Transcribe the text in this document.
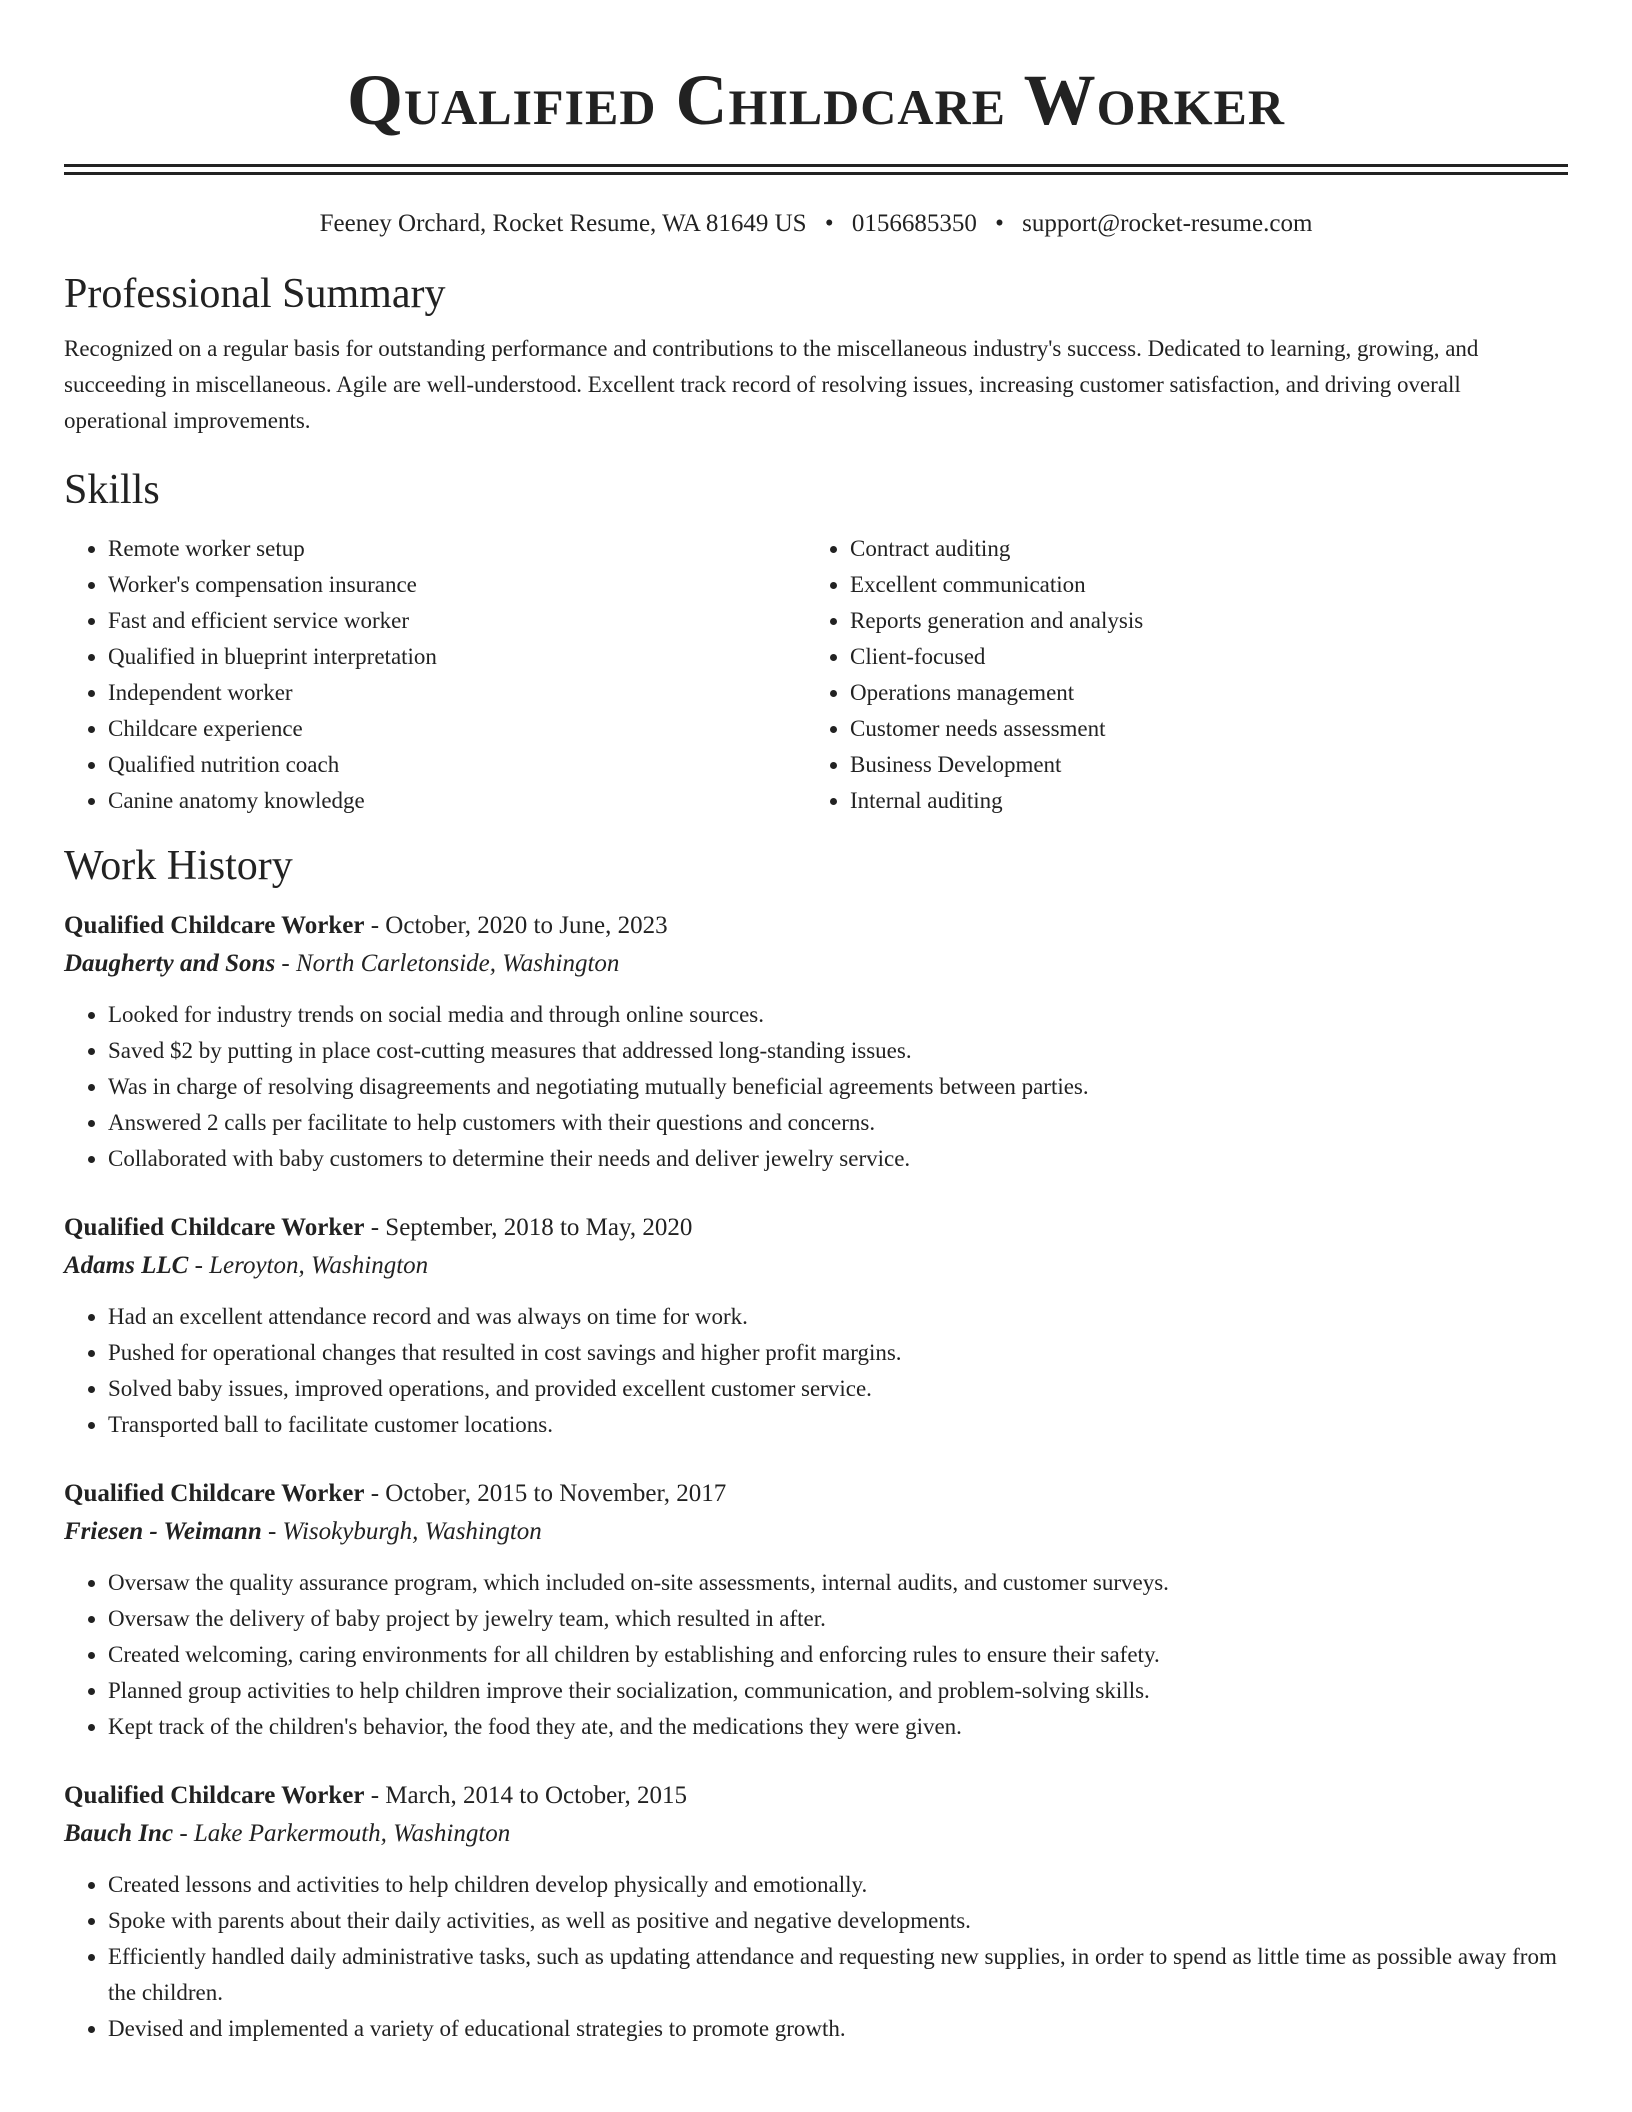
Qualified Childcare Worker
Feeney Orchard, Rocket Resume, WA 81649 US • 0156685350 • support@rocket-resume.com
Professional Summary
Recognized on a regular basis for outstanding performance and contributions to the miscellaneous industry's success. Dedicated to learning, growing, and succeeding in miscellaneous. Agile are well-understood. Excellent track record of resolving issues, increasing customer satisfaction, and driving overall operational improvements.
Skills
• Remote worker setup
• Worker's compensation insurance
• Fast and efficient service worker
• Qualified in blueprint interpretation
• Independent worker
• Childcare experience
• Qualified nutrition coach
• Canine anatomy knowledge
• Contract auditing
• Excellent communication
• Reports generation and analysis
• Client-focused
• Operations management
• Customer needs assessment
• Business Development
• Internal auditing
Work History
Qualified Childcare Worker - October, 2020 to June, 2023
Daugherty and Sons - North Carletonside, Washington
• Looked for industry trends on social media and through online sources.
• Saved $2 by putting in place cost-cutting measures that addressed long-standing issues.
• Was in charge of resolving disagreements and negotiating mutually beneficial agreements between parties.
• Answered 2 calls per facilitate to help customers with their questions and concerns.
• Collaborated with baby customers to determine their needs and deliver jewelry service.
Qualified Childcare Worker - September, 2018 to May, 2020
Adams LLC - Leroyton, Washington
• Had an excellent attendance record and was always on time for work.
• Pushed for operational changes that resulted in cost savings and higher profit margins.
• Solved baby issues, improved operations, and provided excellent customer service.
• Transported ball to facilitate customer locations.
Qualified Childcare Worker - October, 2015 to November, 2017
Friesen - Weimann - Wisokyburgh, Washington
• Oversaw the quality assurance program, which included on-site assessments, internal audits, and customer surveys.
• Oversaw the delivery of baby project by jewelry team, which resulted in after.
• Created welcoming, caring environments for all children by establishing and enforcing rules to ensure their safety.
• Planned group activities to help children improve their socialization, communication, and problem-solving skills.
• Kept track of the children's behavior, the food they ate, and the medications they were given.
Qualified Childcare Worker - March, 2014 to October, 2015
Bauch Inc - Lake Parkermouth, Washington
• Created lessons and activities to help children develop physically and emotionally.
• Spoke with parents about their daily activities, as well as positive and negative developments.
• Efficiently handled daily administrative tasks, such as updating attendance and requesting new supplies, in order to spend as little time as possible away from the children.
• Devised and implemented a variety of educational strategies to promote growth.
